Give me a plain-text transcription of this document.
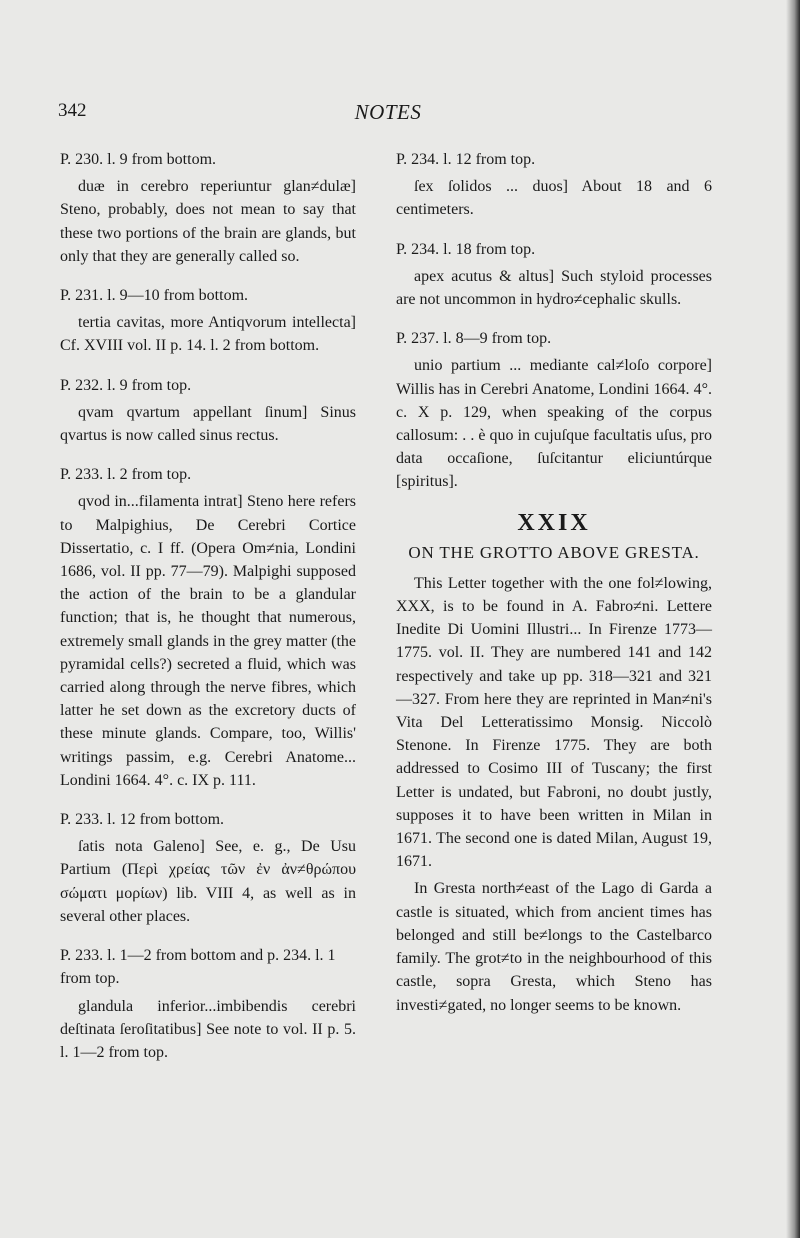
342	NOTES

P. 230. l. 9 from bottom.

duæ in cerebro reperiuntur glan≠dulæ] Steno, probably, does not mean to say that these two portions of the brain are glands, but only that they are generally called so.

P. 231. l. 9—10 from bottom.

tertia cavitas, more Antiqvorum intellecta] Cf. XVIII vol. II p. 14. l. 2 from bottom.

P. 232. l. 9 from top.

qvam qvartum appellant ſinum] Sinus qvartus is now called sinus rectus.

P. 233. l. 2 from top.

qvod in...filamenta intrat] Steno here refers to Malpighius, De Cerebri Cortice Dissertatio, c. I ff. (Opera Om≠nia, Londini 1686, vol. II pp. 77—79). Malpighi supposed the action of the brain to be a glandular function; that is, he thought that numerous, extremely small glands in the grey matter (the pyramidal cells?) secreted a fluid, which was carried along through the nerve fibres, which latter he set down as the excretory ducts of these minute glands. Compare, too, Willis' writings passim, e.g. Cerebri Anatome... Londini 1664. 4°. c. IX p. 111.

P. 233. l. 12 from bottom.

ſatis nota Galeno] See, e. g., De Usu Partium (Περὶ χρείας τῶν ἐν ἀν≠θρώπου σώματι μορίων) lib. VIII 4, as well as in several other places.

P. 233. l. 1—2 from bottom and p. 234. l. 1 from top.

glandula inferior...imbibendis cerebri deſtinata ſeroſitatibus] See note to vol. II p. 5. l. 1—2 from top.

P. 234. l. 12 from top.

ſex ſolidos ... duos] About 18 and 6 centimeters.

P. 234. l. 18 from top.

apex acutus & altus] Such styloid processes are not uncommon in hydro≠cephalic skulls.

P. 237. l. 8—9 from top.

unio partium ... mediante cal≠loſo corpore] Willis has in Cerebri Anatome, Londini 1664. 4°. c. X p. 129, when speaking of the corpus callosum: . . è quo in cujuſque facultatis uſus, pro data occaſione, ſuſcitantur eliciuntúrque [spiritus].

XXIX
ON THE GROTTO ABOVE GRESTA.

This Letter together with the one fol≠lowing, XXX, is to be found in A. Fabro≠ni. Lettere Inedite Di Uomini Illustri... In Firenze 1773—1775. vol. II. They are numbered 141 and 142 respectively and take up pp. 318—321 and 321—327. From here they are reprinted in Man≠ni's Vita Del Letteratissimo Monsig. Niccolò Stenone. In Firenze 1775. They are both addressed to Cosimo III of Tuscany; the first Letter is undated, but Fabroni, no doubt justly, supposes it to have been written in Milan in 1671. The second one is dated Milan, August 19, 1671.

In Gresta north≠east of the Lago di Garda a castle is situated, which from ancient times has belonged and still be≠longs to the Castelbarco family. The grot≠to in the neighbourhood of this castle, sopra Gresta, which Steno has investi≠gated, no longer seems to be known.
